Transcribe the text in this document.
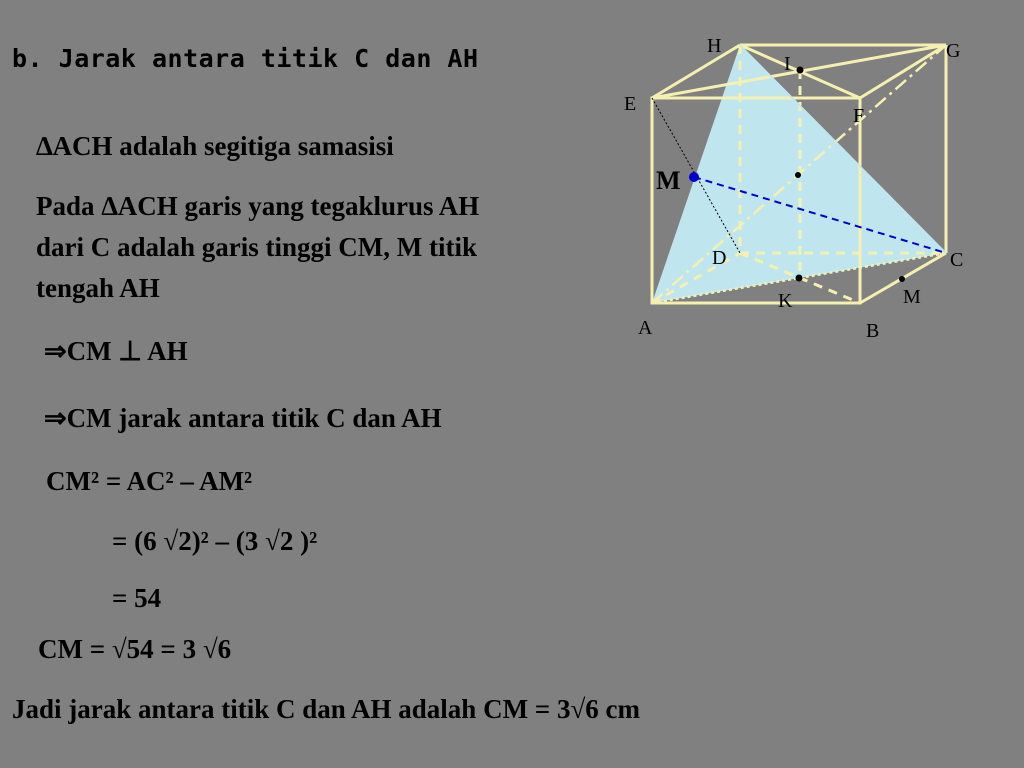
b. Jarak antara titik C dan AH
∆ACH adalah segitiga samasisi
Pada ∆ACH garis yang tegaklurus AH
dari C adalah garis tinggi CM, M titik
tengah AH
⇒CM ⊥ AH
⇒CM jarak antara titik C dan AH
CM² = AC² – AM²
= (6 √2)² – (3 √2 )²
= 54
CM = √54 = 3 √6
Jadi jarak antara titik C dan AH adalah CM = 3√6 cm
H	G
I
E
F
D	C
K	M
A	B
M
